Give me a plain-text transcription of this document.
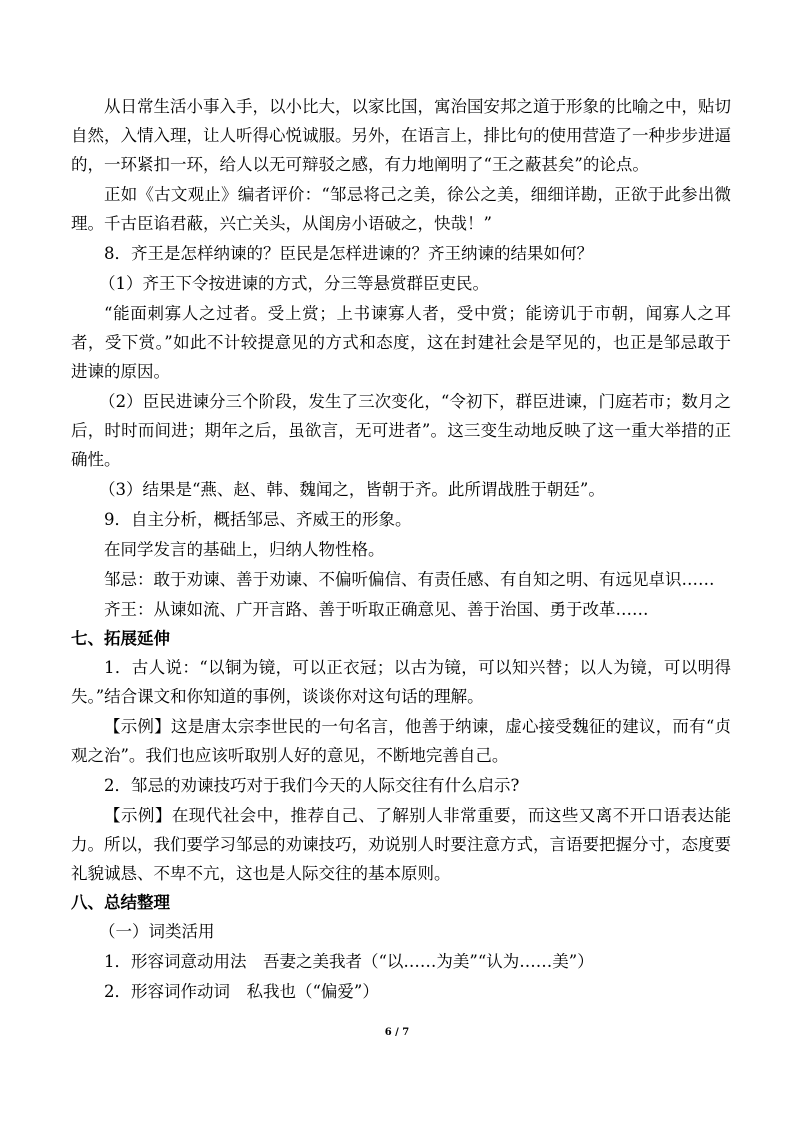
从日常生活小事入手，以小比大，以家比国，寓治国安邦之道于形象的比喻之中，贴切自然，入情入理，让人听得心悦诚服。另外，在语言上，排比句的使用营造了一种步步进逼的，一环紧扣一环，给人以无可辩驳之感，有力地阐明了“王之蔽甚矣”的论点。

正如《古文观止》编者评价：“邹忌将己之美，徐公之美，细细详勘，正欲于此参出微理。千古臣谄君蔽，兴亡关头，从闺房小语破之，快哉！”

8．齐王是怎样纳谏的？臣民是怎样进谏的？齐王纳谏的结果如何？

（1）齐王下令按进谏的方式，分三等悬赏群臣吏民。

“能面刺寡人之过者。受上赏；上书谏寡人者，受中赏；能谤讥于市朝，闻寡人之耳者，受下赏。”如此不计较提意见的方式和态度，这在封建社会是罕见的，也正是邹忌敢于进谏的原因。

（2）臣民进谏分三个阶段，发生了三次变化，“令初下，群臣进谏，门庭若市；数月之后，时时而间进；期年之后，虽欲言，无可进者”。这三变生动地反映了这一重大举措的正确性。

（3）结果是“燕、赵、韩、魏闻之，皆朝于齐。此所谓战胜于朝廷”。

9．自主分析，概括邹忌、齐威王的形象。

在同学发言的基础上，归纳人物性格。

邹忌：敢于劝谏、善于劝谏、不偏听偏信、有责任感、有自知之明、有远见卓识……

齐王：从谏如流、广开言路、善于听取正确意见、善于治国、勇于改革……

七、拓展延伸

1．古人说：“以铜为镜，可以正衣冠；以古为镜，可以知兴替；以人为镜，可以明得失。”结合课文和你知道的事例，谈谈你对这句话的理解。

【示例】这是唐太宗李世民的一句名言，他善于纳谏，虚心接受魏征的建议，而有“贞观之治”。我们也应该听取别人好的意见，不断地完善自己。

2．邹忌的劝谏技巧对于我们今天的人际交往有什么启示?

【示例】在现代社会中，推荐自己、了解别人非常重要，而这些又离不开口语表达能力。所以，我们要学习邹忌的劝谏技巧，劝说别人时要注意方式，言语要把握分寸，态度要礼貌诚恳、不卑不亢，这也是人际交往的基本原则。

八、总结整理

（一）词类活用

1．形容词意动用法　吾妻之美我者（“以……为美”“认为……美”）

2．形容词作动词　私我也（“偏爱”）

6 / 7
